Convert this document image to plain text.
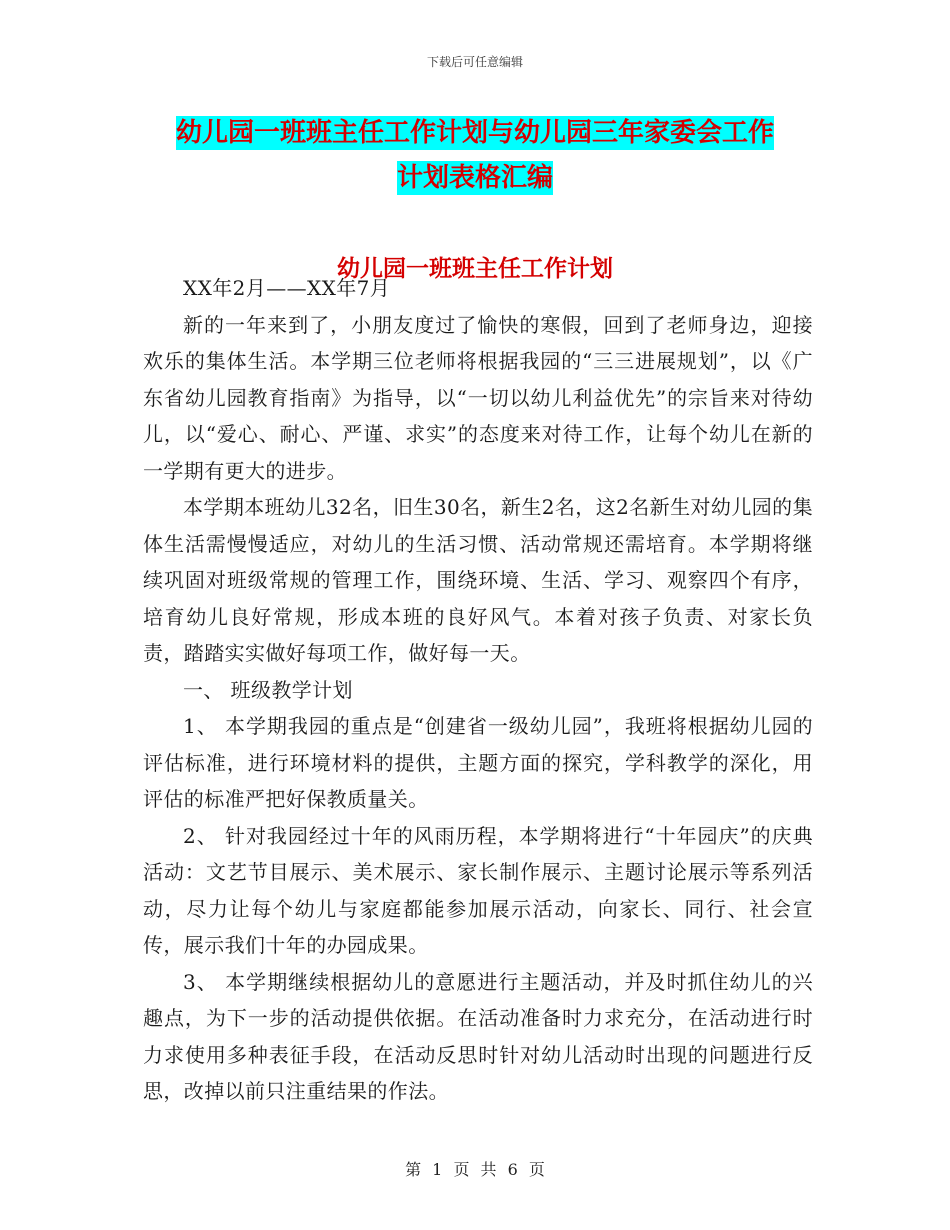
下载后可任意编辑
幼儿园一班班主任工作计划与幼儿园三年家委会工作
计划表格汇编
幼儿园一班班主任工作计划

XX年2月——XX年7月

新的一年来到了，小朋友度过了愉快的寒假，回到了老师身边，迎接欢乐的集体生活。本学期三位老师将根据我园的“三三进展规划”，以《广东省幼儿园教育指南》为指导，以“一切以幼儿利益优先”的宗旨来对待幼儿，以“爱心、耐心、严谨、求实”的态度来对待工作，让每个幼儿在新的一学期有更大的进步。

本学期本班幼儿32名，旧生30名，新生2名，这2名新生对幼儿园的集体生活需慢慢适应，对幼儿的生活习惯、活动常规还需培育。本学期将继续巩固对班级常规的管理工作，围绕环境、生活、学习、观察四个有序，培育幼儿良好常规，形成本班的良好风气。本着对孩子负责、对家长负责，踏踏实实做好每项工作，做好每一天。

一、 班级教学计划

1、 本学期我园的重点是“创建省一级幼儿园”，我班将根据幼儿园的评估标准，进行环境材料的提供，主题方面的探究，学科教学的深化，用评估的标准严把好保教质量关。

2、 针对我园经过十年的风雨历程，本学期将进行“十年园庆”的庆典活动：文艺节目展示、美术展示、家长制作展示、主题讨论展示等系列活动，尽力让每个幼儿与家庭都能参加展示活动，向家长、同行、社会宣传，展示我们十年的办园成果。

3、 本学期继续根据幼儿的意愿进行主题活动，并及时抓住幼儿的兴趣点，为下一步的活动提供依据。在活动准备时力求充分，在活动进行时力求使用多种表征手段，在活动反思时针对幼儿活动时出现的问题进行反思，改掉以前只注重结果的作法。

第 1 页 共 6 页
